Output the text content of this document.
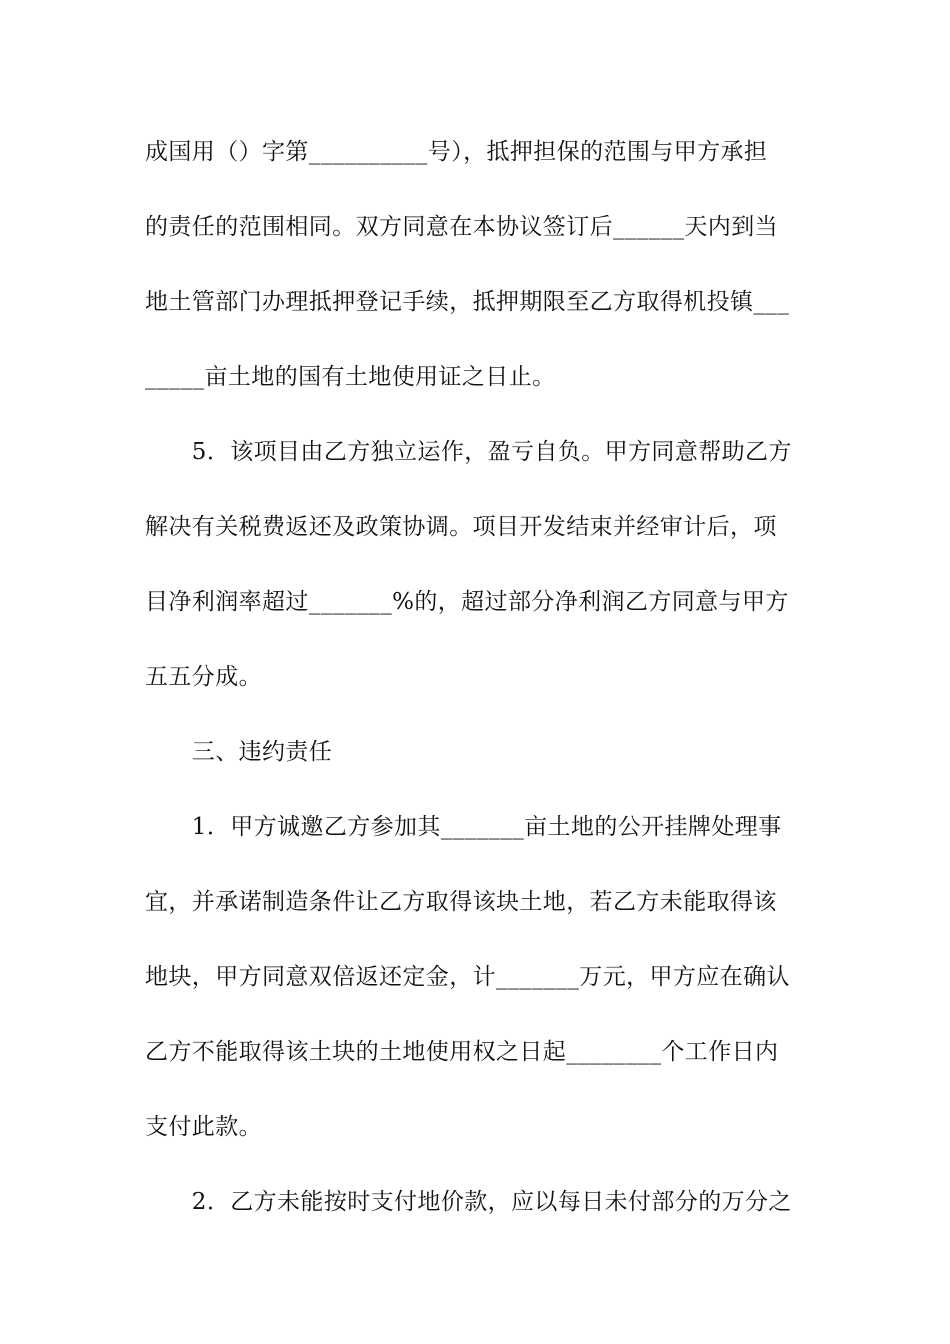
成国用（）字第__________号），抵押担保的范围与甲方承担
的责任的范围相同。双方同意在本协议签订后______天内到当
地土管部门办理抵押登记手续，抵押期限至乙方取得机投镇___
_____亩土地的国有土地使用证之日止。
　　5．该项目由乙方独立运作，盈亏自负。甲方同意帮助乙方
解决有关税费返还及政策协调。项目开发结束并经审计后，项
目净利润率超过_______%的，超过部分净利润乙方同意与甲方
五五分成。
　　三、违约责任
　　1．甲方诚邀乙方参加其_______亩土地的公开挂牌处理事
宜，并承诺制造条件让乙方取得该块土地，若乙方未能取得该
地块，甲方同意双倍返还定金，计_______万元，甲方应在确认
乙方不能取得该土块的土地使用权之日起________个工作日内
支付此款。
　　2．乙方未能按时支付地价款，应以每日未付部分的万分之
